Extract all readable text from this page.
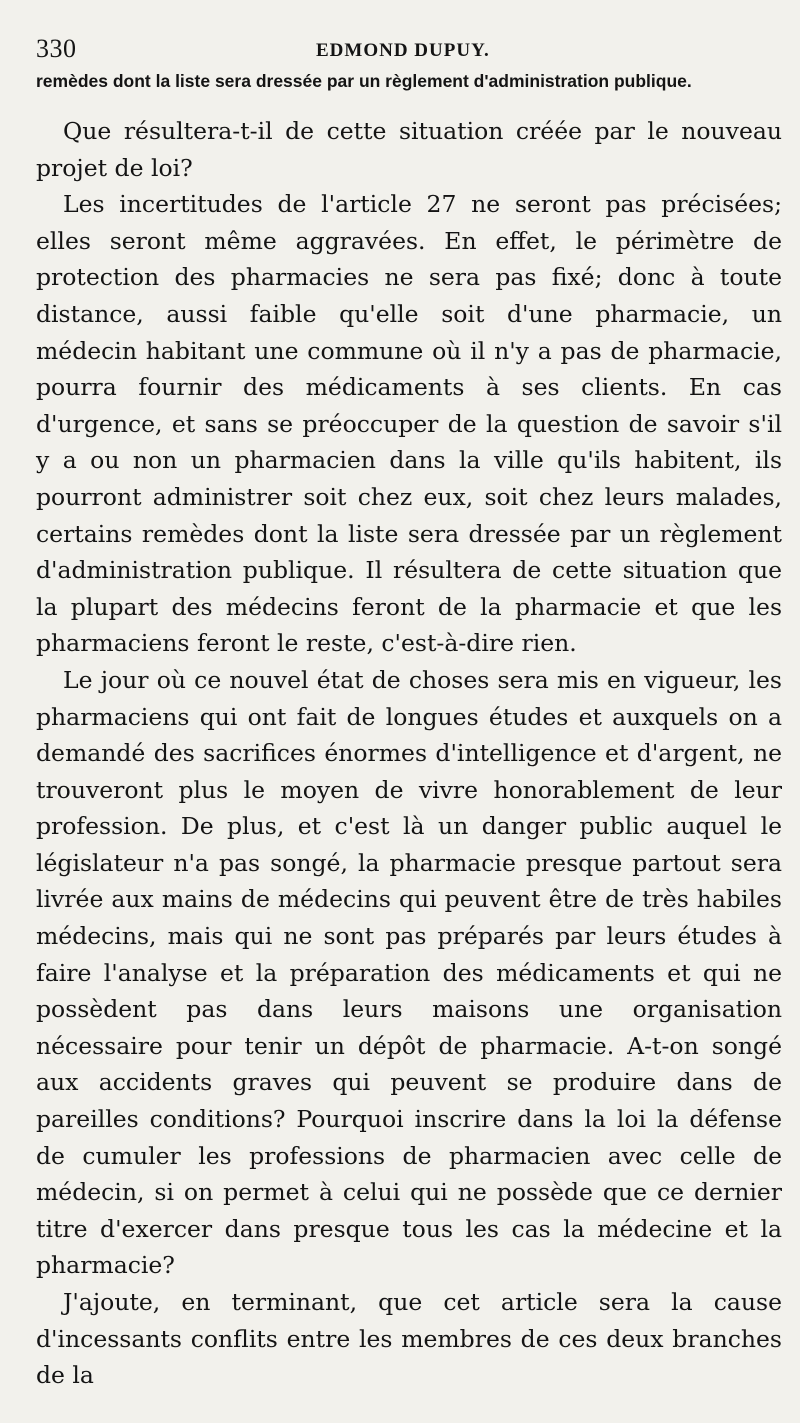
330	EDMOND DUPUY.

remèdes dont la liste sera dressée par un règlement d'administration publique.

Que résultera-t-il de cette situation créée par le nouveau projet de loi?

Les incertitudes de l'article 27 ne seront pas précisées; elles seront même aggravées. En effet, le périmètre de protection des pharmacies ne sera pas fixé; donc à toute distance, aussi faible qu'elle soit d'une pharmacie, un médecin habitant une commune où il n'y a pas de pharmacie, pourra fournir des médicaments à ses clients. En cas d'urgence, et sans se préoccuper de la question de savoir s'il y a ou non un pharmacien dans la ville qu'ils habitent, ils pourront administrer soit chez eux, soit chez leurs malades, certains remèdes dont la liste sera dressée par un règlement d'administration publique. Il résultera de cette situation que la plupart des médecins feront de la pharmacie et que les pharmaciens feront le reste, c'est-à-dire rien.

Le jour où ce nouvel état de choses sera mis en vigueur, les pharmaciens qui ont fait de longues études et auxquels on a demandé des sacrifices énormes d'intelligence et d'argent, ne trouveront plus le moyen de vivre honorablement de leur profession. De plus, et c'est là un danger public auquel le législateur n'a pas songé, la pharmacie presque partout sera livrée aux mains de médecins qui peuvent être de très habiles médecins, mais qui ne sont pas préparés par leurs études à faire l'analyse et la préparation des médicaments et qui ne possèdent pas dans leurs maisons une organisation nécessaire pour tenir un dépôt de pharmacie. A-t-on songé aux accidents graves qui peuvent se produire dans de pareilles conditions? Pourquoi inscrire dans la loi la défense de cumuler les professions de pharmacien avec celle de médecin, si on permet à celui qui ne possède que ce dernier titre d'exercer dans presque tous les cas la médecine et la pharmacie?

J'ajoute, en terminant, que cet article sera la cause d'incessants conflits entre les membres de ces deux branches de la
